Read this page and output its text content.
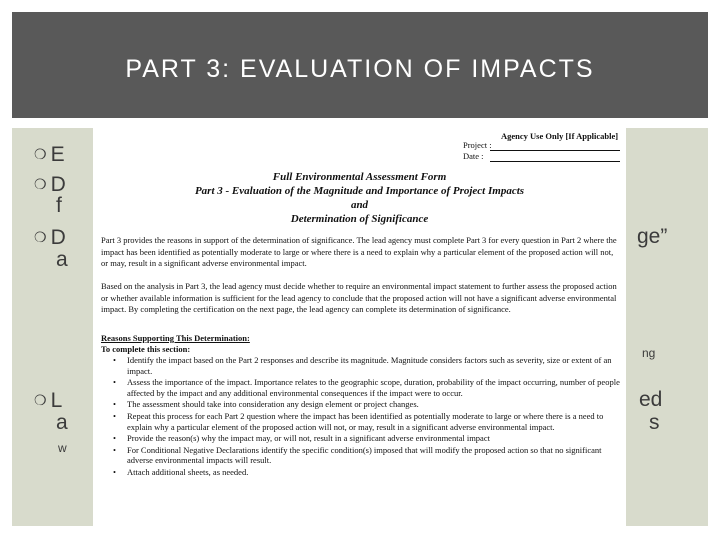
PART 3: EVALUATION OF IMPACTS
❍ E
❍ D
f
❍ D	ge”
a
ng
❍ L	ed
a	s
w
Agency Use Only [If Applicable]
Project :
Date :
Full Environmental Assessment Form
Part 3 - Evaluation of the Magnitude and Importance of Project Impacts
and
Determination of Significance

Part 3 provides the reasons in support of the determination of significance. The lead agency must complete Part 3 for every question in Part 2 where the impact has been identified as potentially moderate to large or where there is a need to explain why a particular element of the proposed action will not, or may, result in a significant adverse environmental impact.

Based on the analysis in Part 3, the lead agency must decide whether to require an environmental impact statement to further assess the proposed action or whether available information is sufficient for the lead agency to conclude that the proposed action will not have a significant adverse environmental impact. By completing the certification on the next page, the lead agency can complete its determination of significance.

Reasons Supporting This Determination:
To complete this section:
• Identify the impact based on the Part 2 responses and describe its magnitude. Magnitude considers factors such as severity, size or extent of an impact.
• Assess the importance of the impact. Importance relates to the geographic scope, duration, probability of the impact occurring, number of people affected by the impact and any additional environmental consequences if the impact were to occur.
• The assessment should take into consideration any design element or project changes.
• Repeat this process for each Part 2 question where the impact has been identified as potentially moderate to large or where there is a need to explain why a particular element of the proposed action will not, or may, result in a significant adverse environmental impact.
• Provide the reason(s) why the impact may, or will not, result in a significant adverse environmental impact
• For Conditional Negative Declarations identify the specific condition(s) imposed that will modify the proposed action so that no significant adverse environmental impacts will result.
• Attach additional sheets, as needed.
